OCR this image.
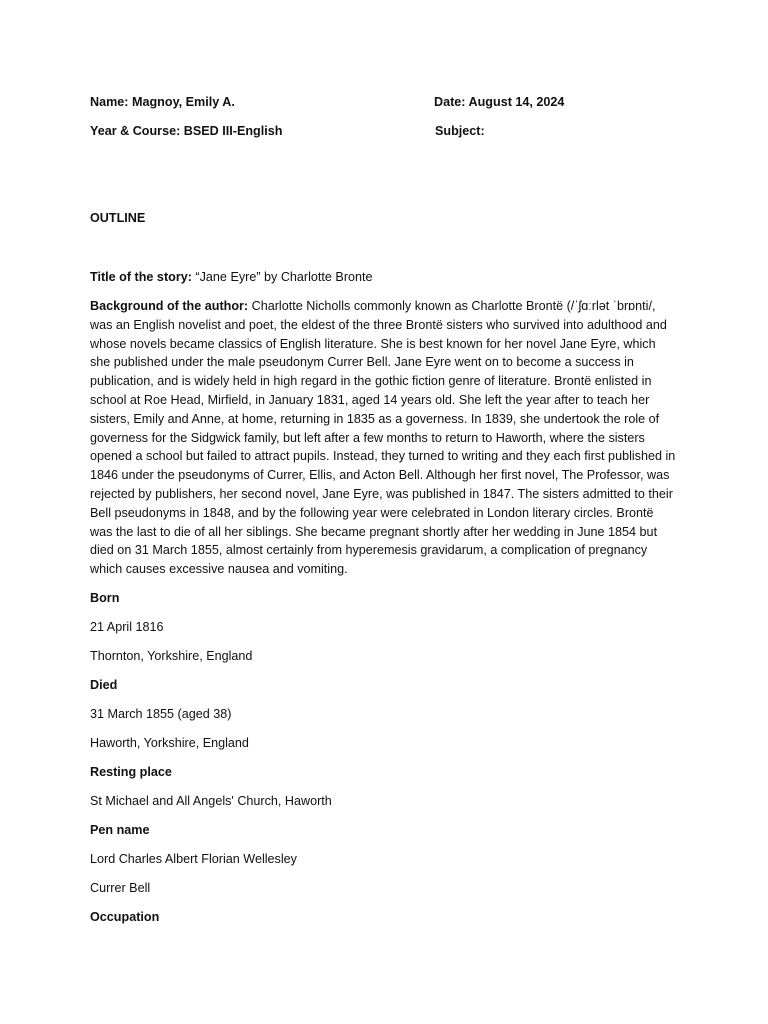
Name: Magnoy, Emily A.	Date: August 14, 2024
Year & Course: BSED III-English	Subject:
OUTLINE
Title of the story: “Jane Eyre” by Charlotte Bronte
Background of the author: Charlotte Nicholls commonly known as Charlotte Brontë (/ˈʃɑːrlət ˈbrɒnti/, was an English novelist and poet, the eldest of the three Brontë sisters who survived into adulthood and whose novels became classics of English literature. She is best known for her novel Jane Eyre, which she published under the male pseudonym Currer Bell. Jane Eyre went on to become a success in publication, and is widely held in high regard in the gothic fiction genre of literature. Brontë enlisted in school at Roe Head, Mirfield, in January 1831, aged 14 years old. She left the year after to teach her sisters, Emily and Anne, at home, returning in 1835 as a governess. In 1839, she undertook the role of governess for the Sidgwick family, but left after a few months to return to Haworth, where the sisters opened a school but failed to attract pupils. Instead, they turned to writing and they each first published in 1846 under the pseudonyms of Currer, Ellis, and Acton Bell. Although her first novel, The Professor, was rejected by publishers, her second novel, Jane Eyre, was published in 1847. The sisters admitted to their Bell pseudonyms in 1848, and by the following year were celebrated in London literary circles. Brontë was the last to die of all her siblings. She became pregnant shortly after her wedding in June 1854 but died on 31 March 1855, almost certainly from hyperemesis gravidarum, a complication of pregnancy which causes excessive nausea and vomiting.
Born
21 April 1816
Thornton, Yorkshire, England
Died
31 March 1855 (aged 38)
Haworth, Yorkshire, England
Resting place
St Michael and All Angels' Church, Haworth
Pen name
Lord Charles Albert Florian Wellesley
Currer Bell
Occupation
